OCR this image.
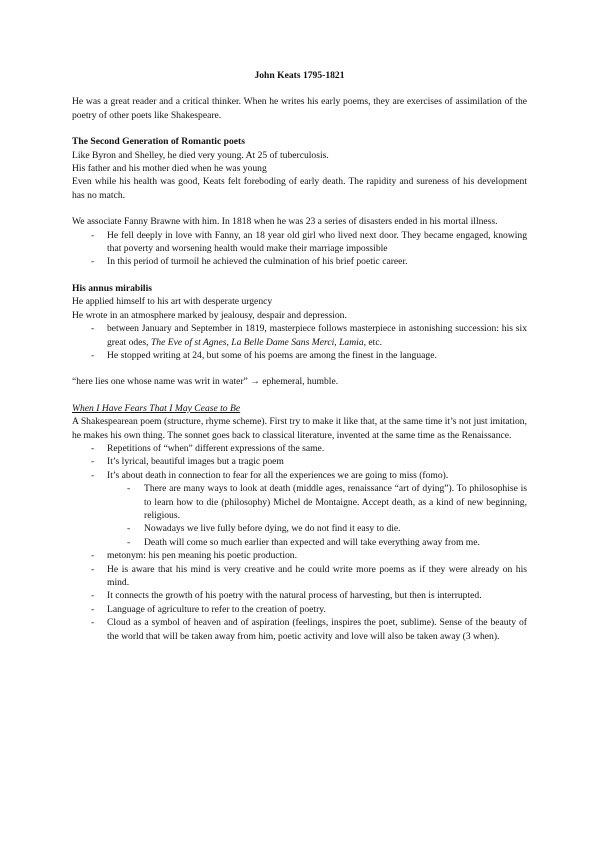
John Keats 1795-1821

He was a great reader and a critical thinker. When he writes his early poems, they are exercises of assimilation of the poetry of other poets like Shakespeare.

The Second Generation of Romantic poets

Like Byron and Shelley, he died very young. At 25 of tuberculosis.

His father and his mother died when he was young

Even while his health was good, Keats felt foreboding of early death. The rapidity and sureness of his development has no match.

We associate Fanny Brawne with him. In 1818 when he was 23 a series of disasters ended in his mortal illness.

- He fell deeply in love with Fanny, an 18 year old girl who lived next door. They became engaged, knowing that poverty and worsening health would make their marriage impossible
- In this period of turmoil he achieved the culmination of his brief poetic career.

His annus mirabilis

He applied himself to his art with desperate urgency

He wrote in an atmosphere marked by jealousy, despair and depression.

- between January and September in 1819, masterpiece follows masterpiece in astonishing succession: his six great odes, The Eve of st Agnes, La Belle Dame Sans Merci, Lamia, etc.
- He stopped writing at 24, but some of his poems are among the finest in the language.

“here lies one whose name was writ in water” → ephemeral, humble.

When I Have Fears That I May Cease to Be

A Shakespearean poem (structure, rhyme scheme). First try to make it like that, at the same time it’s not just imitation, he makes his own thing. The sonnet goes back to classical literature, invented at the same time as the Renaissance.

- Repetitions of “when” different expressions of the same.
- It’s lyrical, beautiful images but a tragic poem
- It’s about death in connection to fear for all the experiences we are going to miss (fomo).
- There are many ways to look at death (middle ages, renaissance “art of dying”). To philosophise is to learn how to die (philosophy) Michel de Montaigne. Accept death, as a kind of new beginning, religious.
- Nowadays we live fully before dying, we do not find it easy to die.
- Death will come so much earlier than expected and will take everything away from me.
- metonym: his pen meaning his poetic production.
- He is aware that his mind is very creative and he could write more poems as if they were already on his mind.
- It connects the growth of his poetry with the natural process of harvesting, but then is interrupted.
- Language of agriculture to refer to the creation of poetry.
- Cloud as a symbol of heaven and of aspiration (feelings, inspires the poet, sublime). Sense of the beauty of the world that will be taken away from him, poetic activity and love will also be taken away (3 when).
